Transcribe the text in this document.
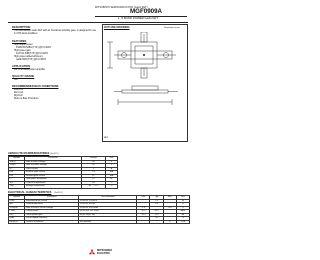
MITSUBISHI SEMICONDUCTOR (GaAs FET)
MGF0909A
L, S BAND POWER GaAs FET
DESCRIPTION
The MGF0909A, GaAs FET with an N-channel schottky gate, is designed for use in UHF band amplifiers.
FEATURES
High output power
P1dB=36.5dBm(TYP.) @f=2.3GHz
High power gain
GLP=11.5dB(TYP.) @f=2.3GHz
High power added efficiency
ηadd=50%(TYP.) @f=2.3GHz
APPLICATION
For UHF Band power amplifier
QUALITY GRADE
GG
RECOMMENDED BIAS CONDITIONS
Vds=10V
Ids=1.0A
Rg=1kΩ
Refer to Bias Procedure
OUTLINE DRAWING	Dimensions in mm
GF-7
ABSOLUTE MAXIMUM RATINGS (Ta=25°C)
Symbol	Parameter	Ratings	Unit
VGDO	Gate to drain voltage	-20	V
VGSO	Gate to source voltage	-15	V
ID	Drain current	3	A
IGR	Reverse gate current	-13	mA
IGF	Forward gate current	22	mA
PT	Total power dissipation	25	W
Tch	Channel temperature	175	°C
Tstg	Storage temperature	-65 ~ +175	°C
ELECTRICAL CHARACTERISTICS (Ta=25°C)
Symbol	Parameter	Test conditions	Min	Typ	Max	Unit
IDSS	Saturated drain current	VDS=3V, VGS=0V		2.4		A
gm	Transconductance	VDS=3V, ID=1A		0.9		S
VGS(off)	Gate to source cut-off voltage	VDS=3V, ID=10mA	-1.0		-3.5	V
P1dB	Output power	VDS=10V, f=2.3GHz	35.5	36.5		dBm
GLP	Linear power gain	ID(RF off)=1.0A	10.5	11.5		dB
ηadd	Power added efficiency			50		%
Rth(ch-c)	Thermal resistance	ΔVf method			6	°C/W
MITSUBISHI
ELECTRIC
